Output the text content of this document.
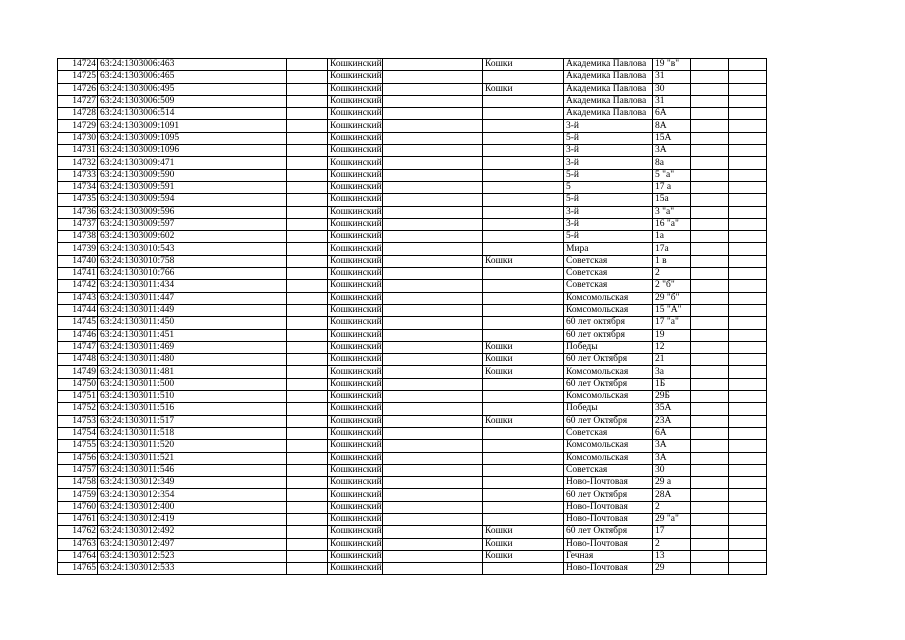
14724	63:24:1303006:463		Кошкинский		Кошки	Академика Павлова	19 "в"		
14725	63:24:1303006:465		Кошкинский			Академика Павлова	31		
14726	63:24:1303006:495		Кошкинский		Кошки	Академика Павлова	30		
14727	63:24:1303006:509		Кошкинский			Академика Павлова	31		
14728	63:24:1303006:514		Кошкинский			Академика Павлова	6А		
14729	63:24:1303009:1091		Кошкинский			3-й	8А		
14730	63:24:1303009:1095		Кошкинский			5-й	15А		
14731	63:24:1303009:1096		Кошкинский			3-й	3А		
14732	63:24:1303009:471		Кошкинский			3-й	8а		
14733	63:24:1303009:590		Кошкинский			5-й	5 "а"		
14734	63:24:1303009:591		Кошкинский			5	17 а		
14735	63:24:1303009:594		Кошкинский			5-й	15а		
14736	63:24:1303009:596		Кошкинский			3-й	3 "а"		
14737	63:24:1303009:597		Кошкинский			3-й	16 "а"		
14738	63:24:1303009:602		Кошкинский			5-й	1а		
14739	63:24:1303010:543		Кошкинский			Мира	17а		
14740	63:24:1303010:758		Кошкинский		Кошки	Советская	1 в		
14741	63:24:1303010:766		Кошкинский			Советская	2		
14742	63:24:1303011:434		Кошкинский			Советская	2 "б"		
14743	63:24:1303011:447		Кошкинский			Комсомольская	29 "б"		
14744	63:24:1303011:449		Кошкинский			Комсомольская	15 "А"		
14745	63:24:1303011:450		Кошкинский			60 лет октября	17 "а"		
14746	63:24:1303011:451		Кошкинский			60 лет октября	19		
14747	63:24:1303011:469		Кошкинский		Кошки	Победы	12		
14748	63:24:1303011:480		Кошкинский		Кошки	60 лет Октября	21		
14749	63:24:1303011:481		Кошкинский		Кошки	Комсомольская	3а		
14750	63:24:1303011:500		Кошкинский			60 лет Октября	1Б		
14751	63:24:1303011:510		Кошкинский			Комсомольская	29Б		
14752	63:24:1303011:516		Кошкинский			Победы	35А		
14753	63:24:1303011:517		Кошкинский		Кошки	60 лет Октября	23А		
14754	63:24:1303011:518		Кошкинский			Советская	6А		
14755	63:24:1303011:520		Кошкинский			Комсомольская	3А		
14756	63:24:1303011:521		Кошкинский			Комсомольская	3А		
14757	63:24:1303011:546		Кошкинский			Советская	30		
14758	63:24:1303012:349		Кошкинский			Ново-Почтовая	29 а		
14759	63:24:1303012:354		Кошкинский			60 лет Октября	28А		
14760	63:24:1303012:400		Кошкинский			Ново-Почтовая	2		
14761	63:24:1303012:419		Кошкинский			Ново-Почтовая	29 "а"		
14762	63:24:1303012:492		Кошкинский		Кошки	60 лет Октября	17		
14763	63:24:1303012:497		Кошкинский		Кошки	Ново-Почтовая	2		
14764	63:24:1303012:523		Кошкинский		Кошки	Гечная	13		
14765	63:24:1303012:533		Кошкинский			Ново-Почтовая	29		
